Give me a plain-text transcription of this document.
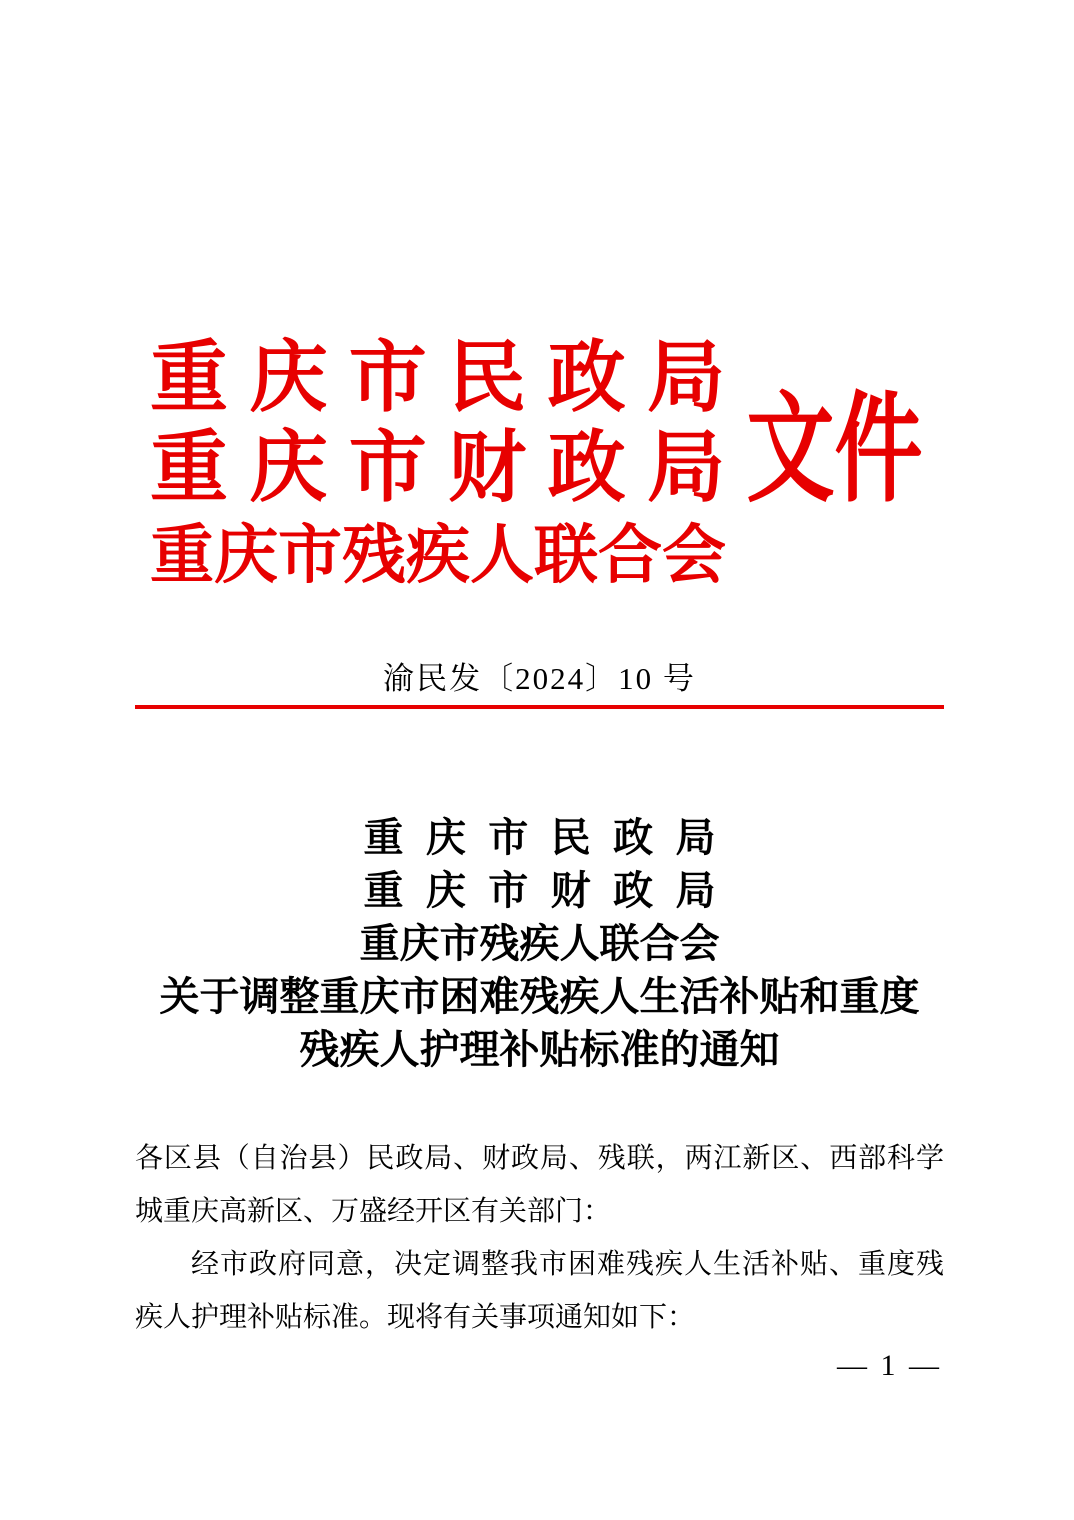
重 庆 市 民 政 局
重 庆 市 财 政 局
重 庆 市 残 疾 人 联 合 会
文件
渝民发〔2024〕10 号
重 庆 市 民 政 局
重 庆 市 财 政 局
重庆市残疾人联合会
关于调整重庆市困难残疾人生活补贴和重度
残疾人护理补贴标准的通知

各区县（自治县）民政局、财政局、残联，两江新区、西部科学城重庆高新区、万盛经开区有关部门：

经市政府同意，决定调整我市困难残疾人生活补贴、重度残疾人护理补贴标准。现将有关事项通知如下：

— 1 —
